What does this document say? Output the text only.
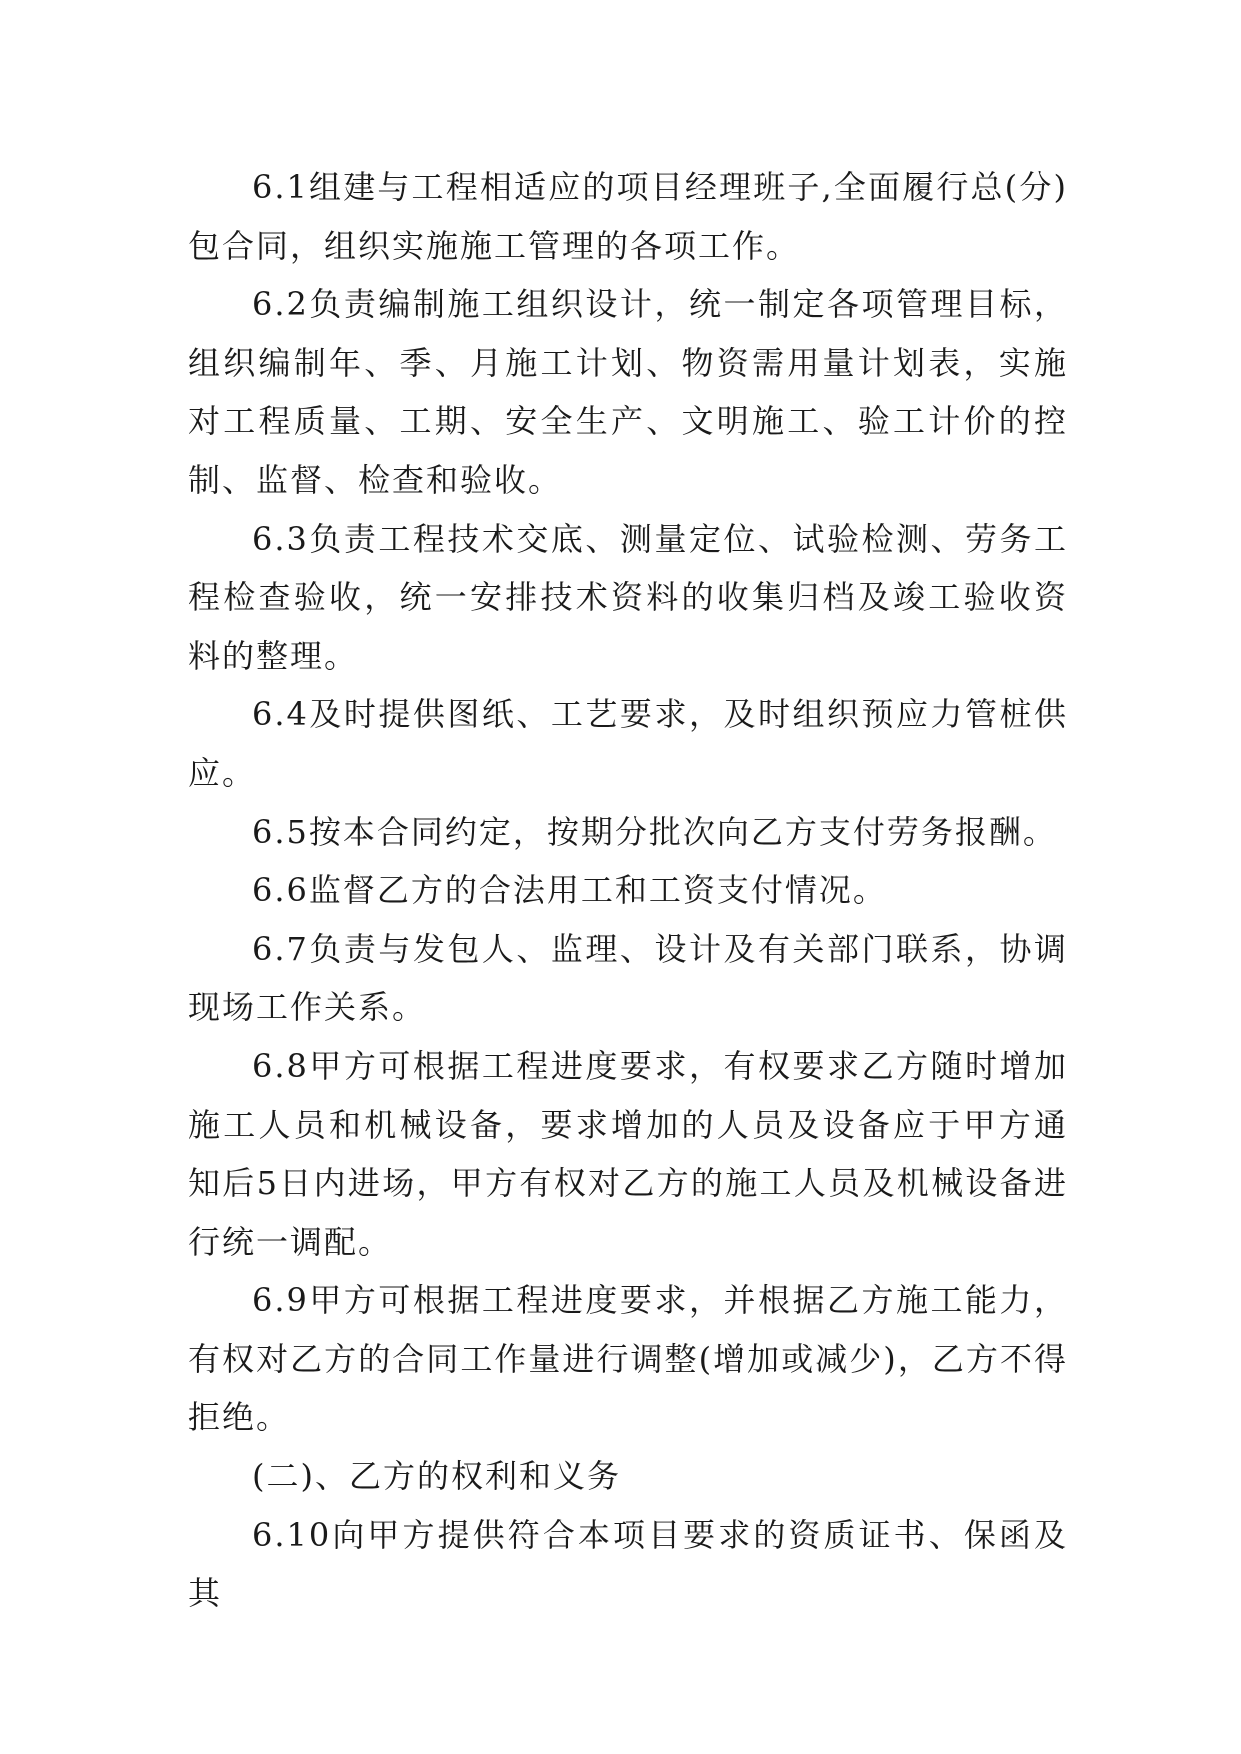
6.1组建与工程相适应的项目经理班子,全面履行总(分)包合同，组织实施施工管理的各项工作。

6.2负责编制施工组织设计，统一制定各项管理目标，组织编制年、季、月施工计划、物资需用量计划表，实施对工程质量、工期、安全生产、文明施工、验工计价的控制、监督、检查和验收。

6.3负责工程技术交底、测量定位、试验检测、劳务工程检查验收，统一安排技术资料的收集归档及竣工验收资料的整理。

6.4及时提供图纸、工艺要求，及时组织预应力管桩供应。

6.5按本合同约定，按期分批次向乙方支付劳务报酬。

6.6监督乙方的合法用工和工资支付情况。

6.7负责与发包人、监理、设计及有关部门联系，协调现场工作关系。

6.8甲方可根据工程进度要求，有权要求乙方随时增加施工人员和机械设备，要求增加的人员及设备应于甲方通知后5日内进场，甲方有权对乙方的施工人员及机械设备进行统一调配。

6.9甲方可根据工程进度要求，并根据乙方施工能力，有权对乙方的合同工作量进行调整(增加或减少)，乙方不得拒绝。

(二)、乙方的权利和义务

6.10向甲方提供符合本项目要求的资质证书、保函及其
